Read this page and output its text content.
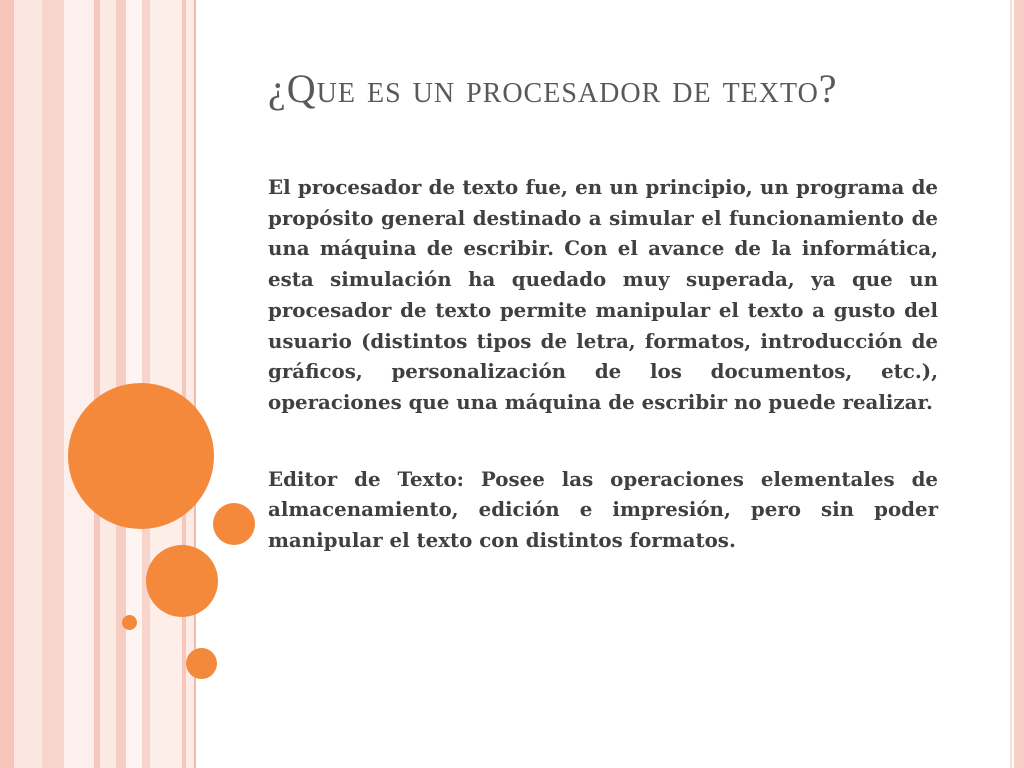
¿Que es un procesador de texto?

El procesador de texto fue, en un principio, un programa de propósito general destinado a simular el funcionamiento de una máquina de escribir. Con el avance de la informática, esta simulación ha quedado muy superada, ya que un procesador de texto permite manipular el texto a gusto del usuario (distintos tipos de letra, formatos, introducción de gráficos, personalización de los documentos, etc.), operaciones que una máquina de escribir no puede realizar.

Editor de Texto: Posee las operaciones elementales de almacenamiento, edición e impresión, pero sin poder manipular el texto con distintos formatos.
